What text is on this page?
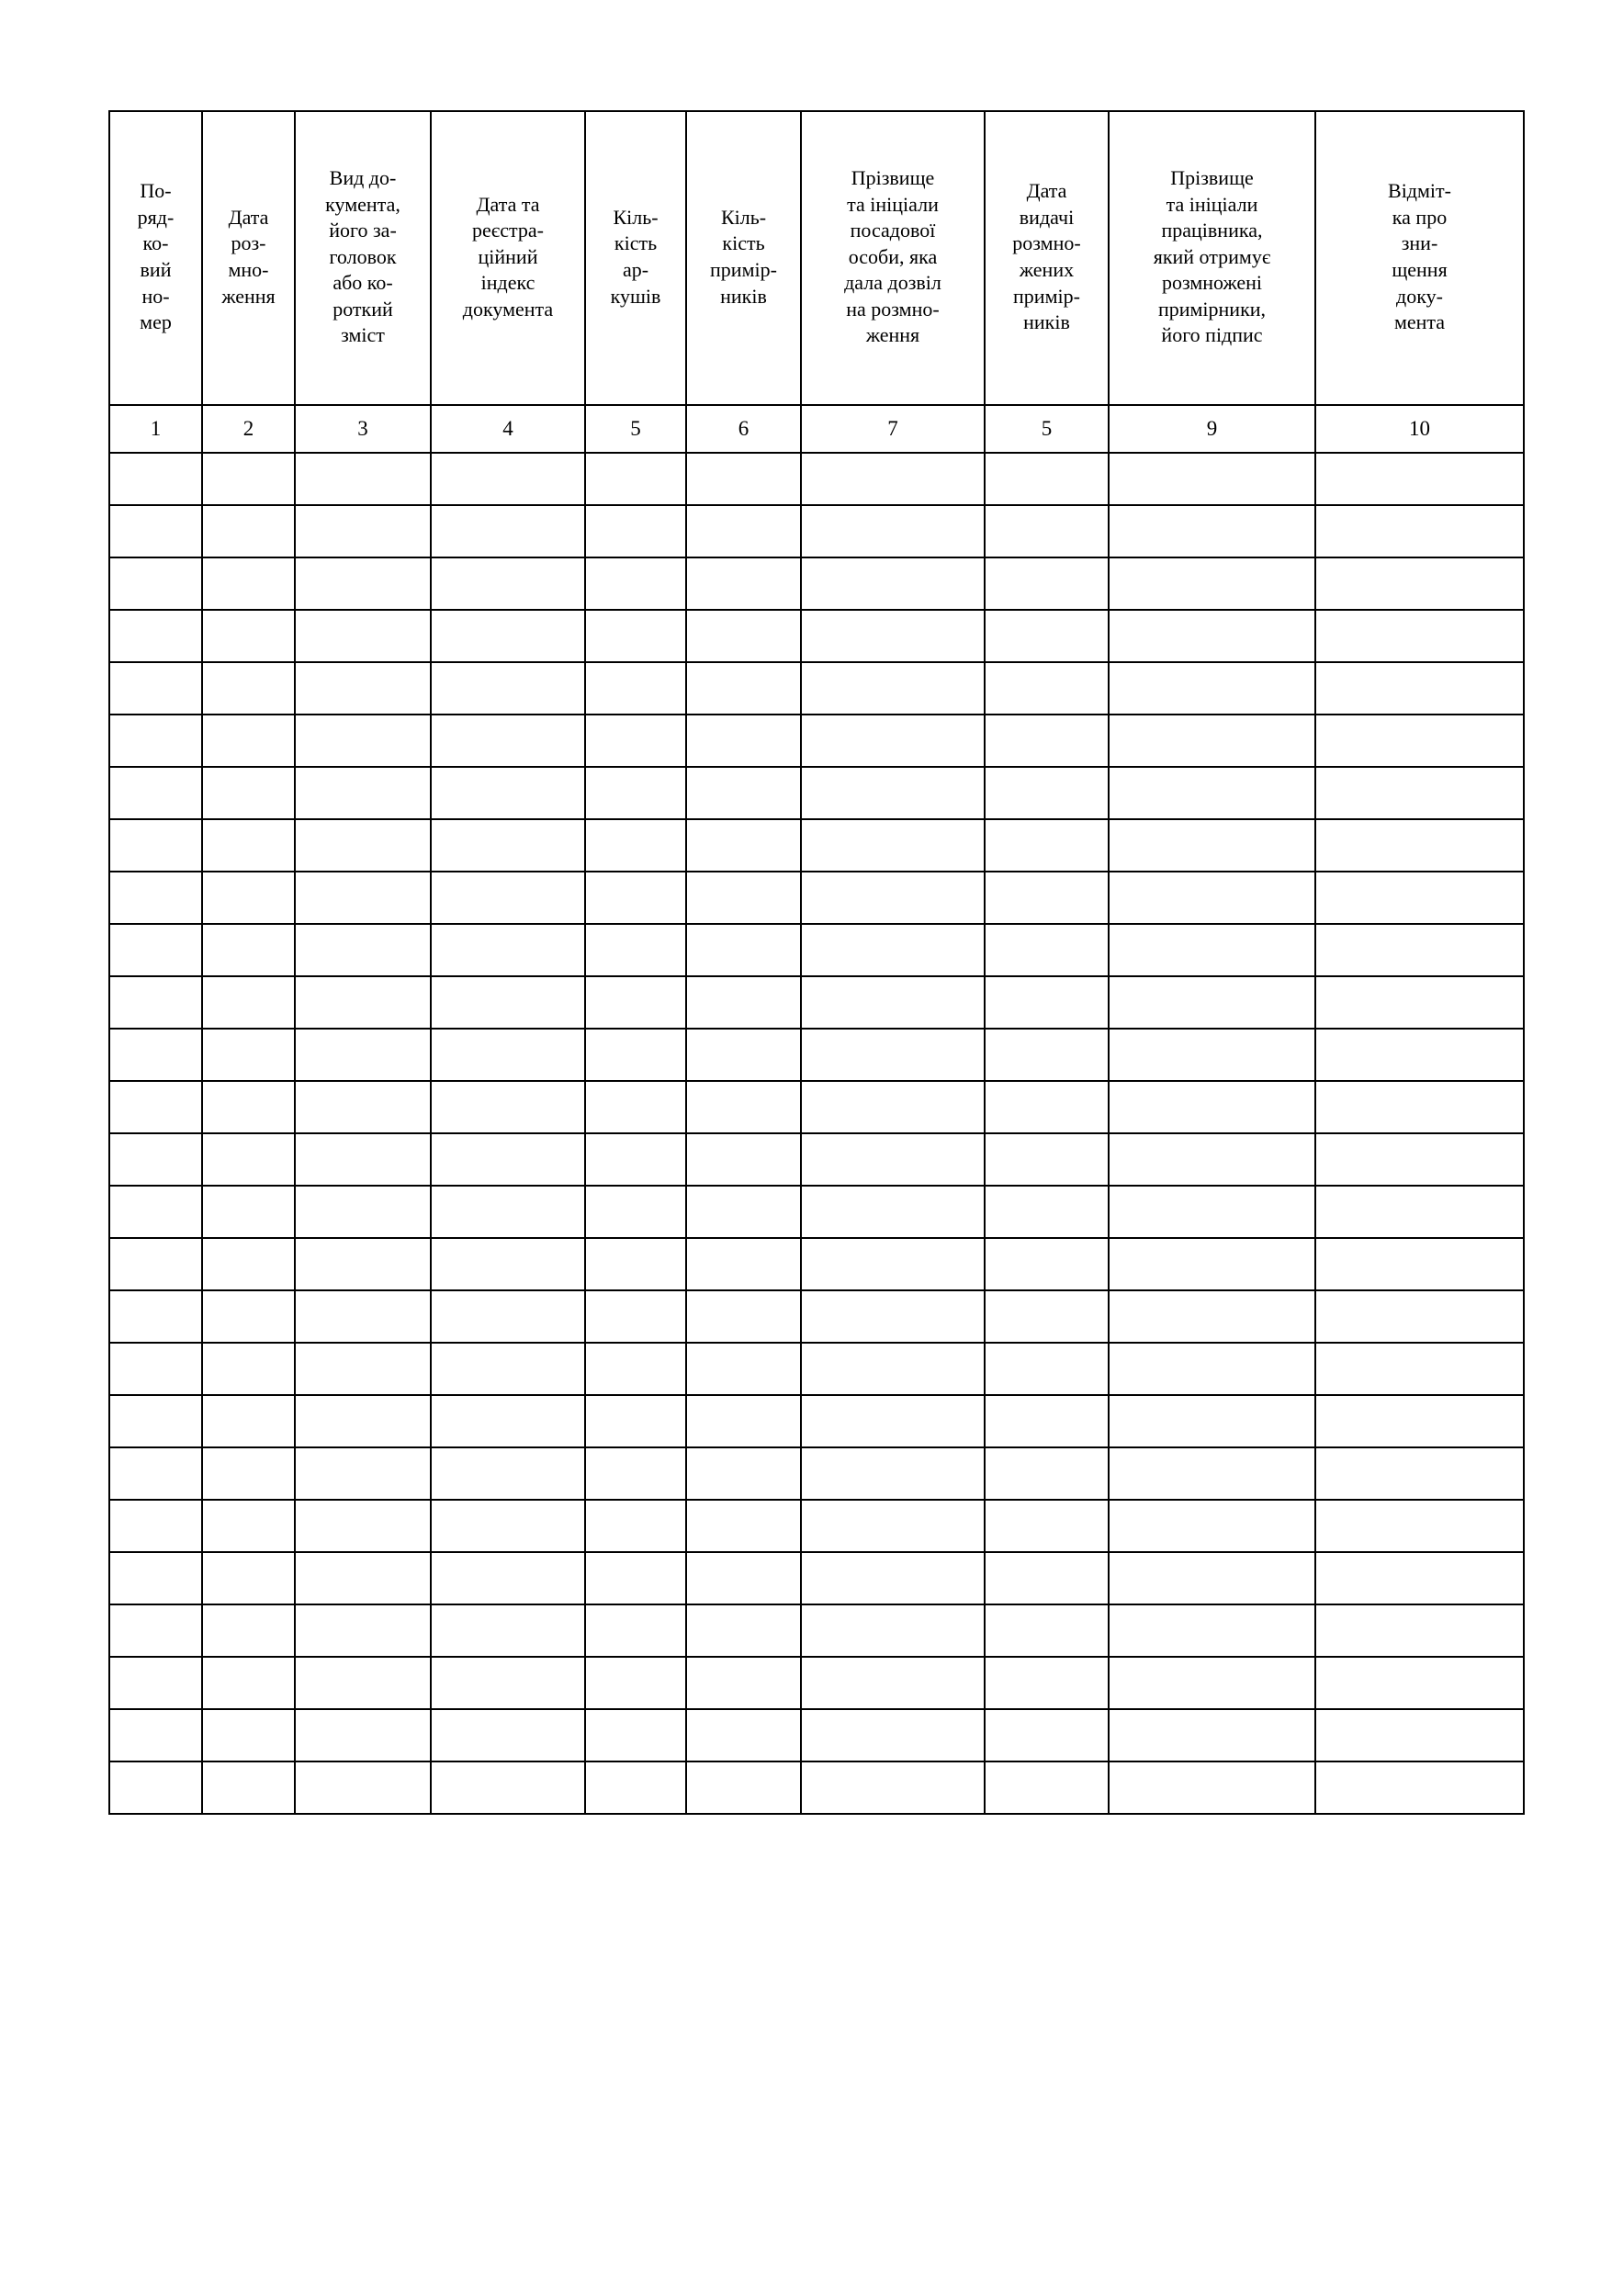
По-
ряд-
ко-
вий
но-
мер	Дата
роз-
мно-
ження	Вид до-
кумента,
його за-
головок
або ко-
роткий
зміст	Дата та
реєстра-
ційний
індекс
документа	Кіль-
кість
ар-
кушів	Кіль-
кість
примір-
ників	Прізвище
та ініціали
посадової
особи, яка
дала дозвіл
на розмно-
ження	Дата
видачі
розмно-
жених
примір-
ників	Прізвище
та ініціали
працівника,
який отримує
розмножені
примірники,
його підпис	Відміт-
ка про
зни-
щення
доку-
мента
1	2	3	4	5	6	7	5	9	10
